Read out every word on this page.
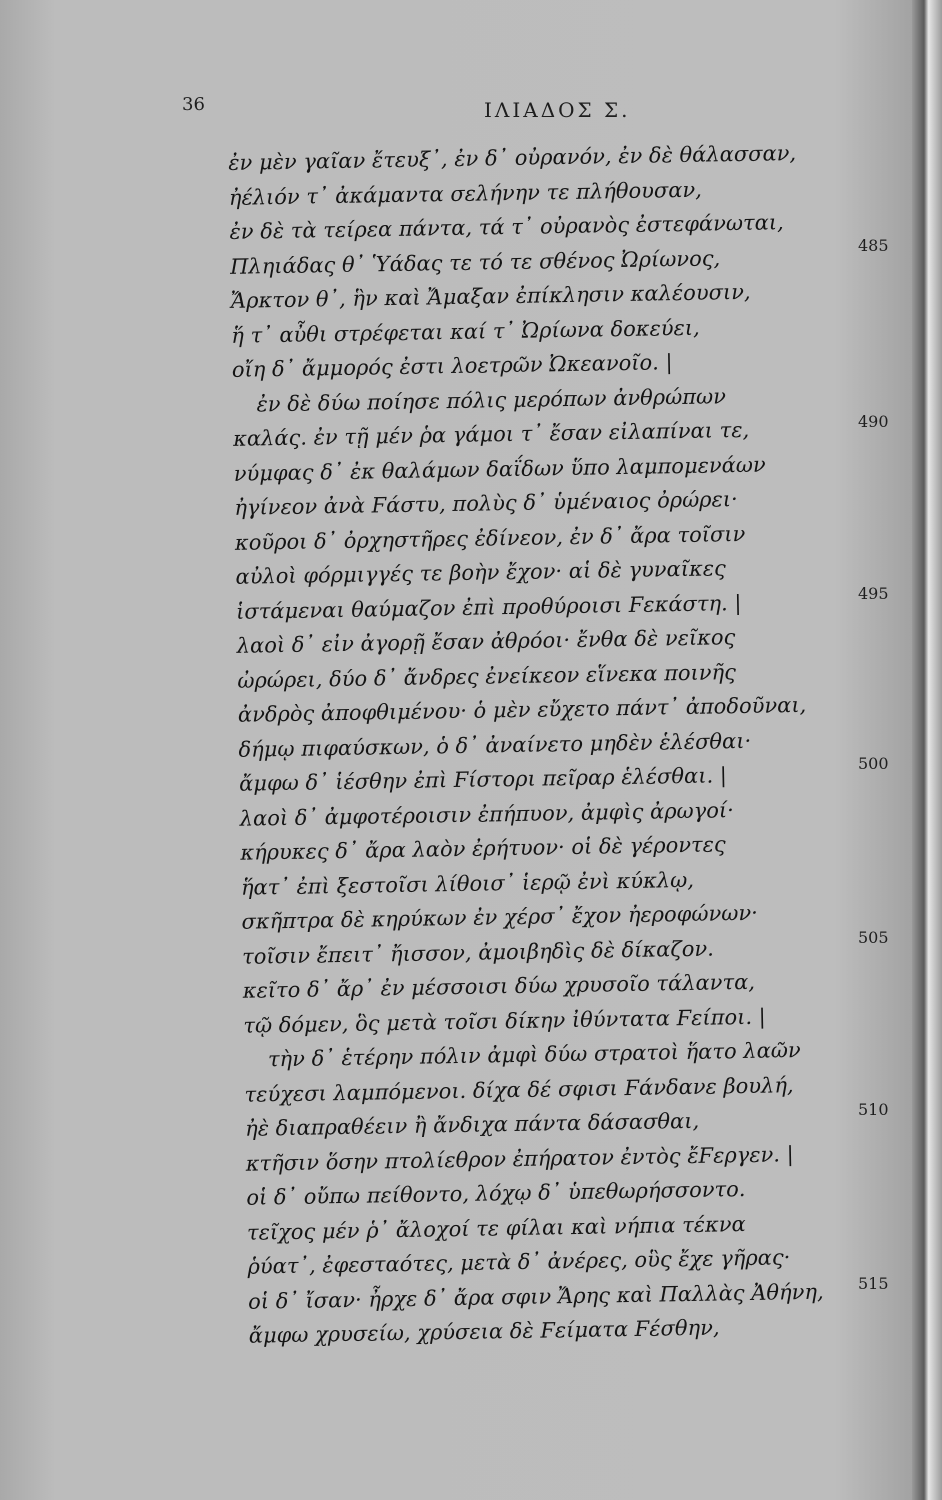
36	ΙΛΙΑΔΟΣ Σ.
ἐν μὲν γαῖαν ἔτευξ᾽, ἐν δ᾽ οὐρανόν, ἐν δὲ θάλασσαν,
ἠέλιόν τ᾽ ἀκάμαντα σελήνην τε πλήθουσαν,
ἐν δὲ τὰ τείρεα πάντα, τά τ᾽ οὐρανὸς ἐστεφάνωται,
Πληιάδας θ᾽ Ὑάδας τε τό τε σθένος Ὠρίωνος,
Ἄρκτον θ᾽, ἣν καὶ Ἄμαξαν ἐπίκλησιν καλέουσιν,
ἥ τ᾽ αὖθι στρέφεται καί τ᾽ Ὠρίωνα δοκεύει,
οἴη δ᾽ ἄμμορός ἐστι λοετρῶν Ὠκεανοῖο. |
ἐν δὲ δύω ποίησε πόλις μερόπων ἀνθρώπων
καλάς. ἐν τῇ μέν ῥα γάμοι τ᾽ ἔσαν εἰλαπίναι τε,
νύμφας δ᾽ ἐκ θαλάμων δαΐδων ὕπο λαμπομενάων
ἠγίνεον ἀνὰ Ϝάστυ, πολὺς δ᾽ ὑμέναιος ὀρώρει·
κοῦροι δ᾽ ὀρχηστῆρες ἐδίνεον, ἐν δ᾽ ἄρα τοῖσιν
αὐλοὶ φόρμιγγές τε βοὴν ἔχον· αἱ δὲ γυναῖκες
ἱστάμεναι θαύμαζον ἐπὶ προθύροισι Ϝεκάστη. |
λαοὶ δ᾽ εἰν ἀγορῇ ἔσαν ἀθρόοι· ἔνθα δὲ νεῖκος
ὠρώρει, δύο δ᾽ ἄνδρες ἐνείκεον εἵνεκα ποινῆς
ἀνδρὸς ἀποφθιμένου· ὁ μὲν εὔχετο πάντ᾽ ἀποδοῦναι,
δήμῳ πιφαύσκων, ὁ δ᾽ ἀναίνετο μηδὲν ἑλέσθαι·
ἄμφω δ᾽ ἱέσθην ἐπὶ Ϝίστορι πεῖραρ ἑλέσθαι. |
λαοὶ δ᾽ ἀμφοτέροισιν ἐπήπυον, ἀμφὶς ἀρωγοί·
κήρυκες δ᾽ ἄρα λαὸν ἐρήτυον· οἱ δὲ γέροντες
ἥατ᾽ ἐπὶ ξεστοῖσι λίθοισ᾽ ἱερῷ ἐνὶ κύκλῳ,
σκῆπτρα δὲ κηρύκων ἐν χέρσ᾽ ἔχον ἠεροφώνων·
τοῖσιν ἔπειτ᾽ ἤισσον, ἀμοιβηδὶς δὲ δίκαζον.
κεῖτο δ᾽ ἄρ᾽ ἐν μέσσοισι δύω χρυσοῖο τάλαντα,
τῷ δόμεν, ὃς μετὰ τοῖσι δίκην ἰθύντατα Ϝείποι. |
τὴν δ᾽ ἑτέρην πόλιν ἀμφὶ δύω στρατοὶ ἥατο λαῶν
τεύχεσι λαμπόμενοι. δίχα δέ σφισι Ϝάνδανε βουλή,
ἠὲ διαπραθέειν ἢ ἄνδιχα πάντα δάσασθαι,
κτῆσιν ὅσην πτολίεθρον ἐπήρατον ἐντὸς ἔϜεργεν. |
οἱ δ᾽ οὔπω πείθοντο, λόχῳ δ᾽ ὑπεθωρήσσοντο.
τεῖχος μέν ῥ᾽ ἄλοχοί τε φίλαι καὶ νήπια τέκνα
ῥύατ᾽, ἐφεσταότες, μετὰ δ᾽ ἀνέρες, οὓς ἔχε γῆρας·
οἱ δ᾽ ἴσαν· ἦρχε δ᾽ ἄρα σφιν Ἄρης καὶ Παλλὰς Ἀθήνη,
ἄμφω χρυσείω, χρύσεια δὲ Ϝείματα Ϝέσθην,
485
490
495
500
505
510
515
